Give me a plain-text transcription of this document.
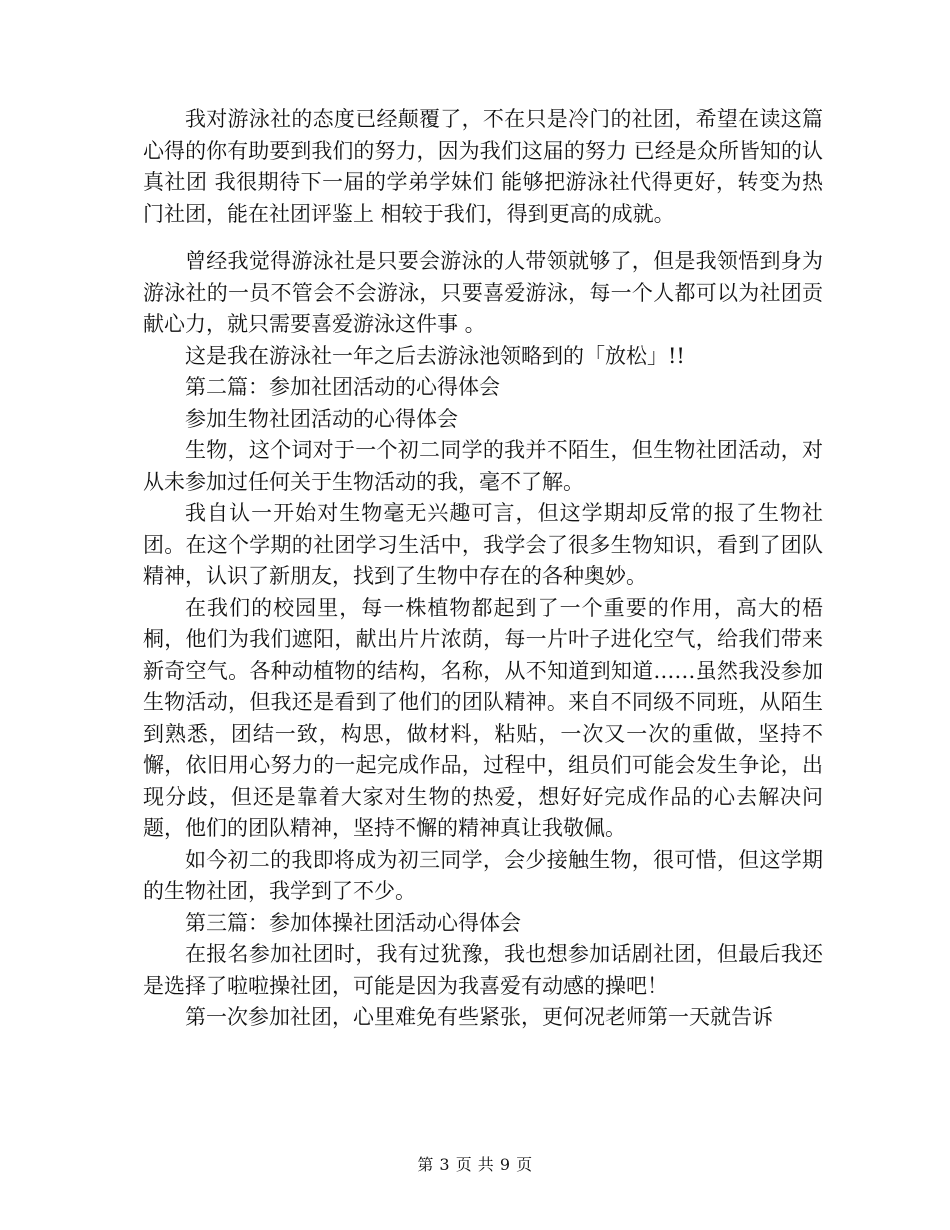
我对游泳社的态度已经颠覆了，不在只是冷门的社团，希望在读这篇心得的你有助要到我们的努力，因为我们这届的努力 已经是众所皆知的认真社团 我很期待下一届的学弟学妹们 能够把游泳社代得更好，转变为热门社团，能在社团评鉴上 相较于我们，得到更高的成就。

曾经我觉得游泳社是只要会游泳的人带领就够了，但是我领悟到身为游泳社的一员不管会不会游泳，只要喜爱游泳，每一个人都可以为社团贡献心力，就只需要喜爱游泳这件事 。

这是我在游泳社一年之后去游泳池领略到的「放松」!!

第二篇：参加社团活动的心得体会

参加生物社团活动的心得体会

生物，这个词对于一个初二同学的我并不陌生，但生物社团活动，对从未参加过任何关于生物活动的我，毫不了解。

我自认一开始对生物毫无兴趣可言，但这学期却反常的报了生物社团。在这个学期的社团学习生活中，我学会了很多生物知识，看到了团队精神，认识了新朋友，找到了生物中存在的各种奥妙。

在我们的校园里，每一株植物都起到了一个重要的作用，高大的梧桐，他们为我们遮阳，献出片片浓荫，每一片叶子进化空气，给我们带来新奇空气。各种动植物的结构，名称，从不知道到知道……虽然我没参加生物活动，但我还是看到了他们的团队精神。来自不同级不同班，从陌生到熟悉，团结一致，构思，做材料，粘贴，一次又一次的重做，坚持不懈，依旧用心努力的一起完成作品，过程中，组员们可能会发生争论，出现分歧，但还是靠着大家对生物的热爱，想好好完成作品的心去解决问题，他们的团队精神，坚持不懈的精神真让我敬佩。

如今初二的我即将成为初三同学，会少接触生物，很可惜，但这学期的生物社团，我学到了不少。

第三篇：参加体操社团活动心得体会

在报名参加社团时，我有过犹豫，我也想参加话剧社团，但最后我还是选择了啦啦操社团，可能是因为我喜爱有动感的操吧！

第一次参加社团，心里难免有些紧张，更何况老师第一天就告诉

第 3 页 共 9 页
